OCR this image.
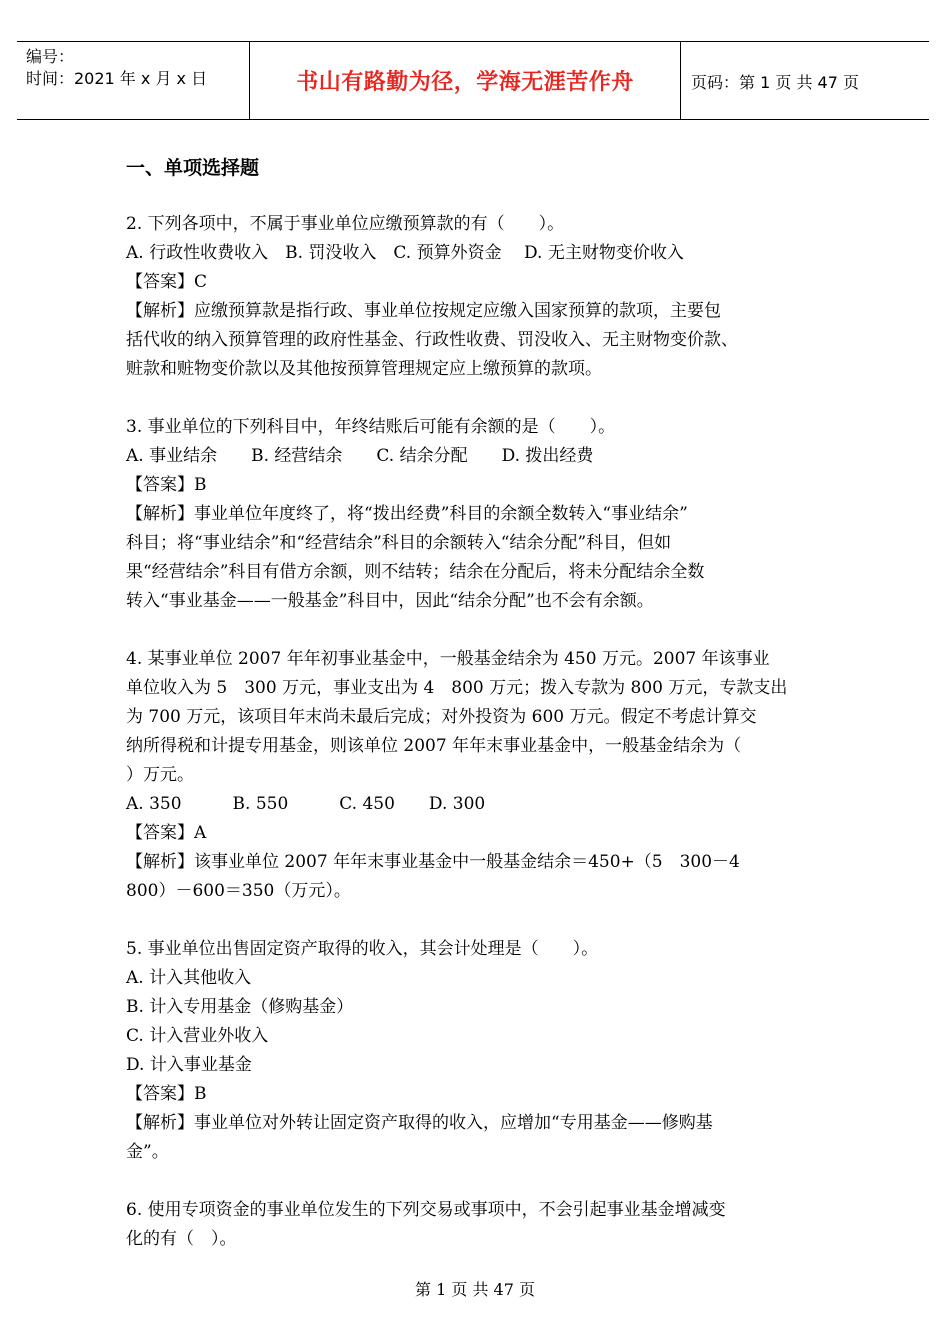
编号：
时间：2021 年 x 月 x 日	书山有路勤为径，学海无涯苦作舟	页码：第 1 页 共 47 页
一、单项选择题

2. 下列各项中，不属于事业单位应缴预算款的有（　　）。

A. 行政性收费收入　B. 罚没收入　C. 预算外资金　 D. 无主财物变价收入

【答案】C

【解析】应缴预算款是指行政、事业单位按规定应缴入国家预算的款项，主要包

括代收的纳入预算管理的政府性基金、行政性收费、罚没收入、无主财物变价款、

赃款和赃物变价款以及其他按预算管理规定应上缴预算的款项。

3. 事业单位的下列科目中，年终结账后可能有余额的是（　　）。

A. 事业结余　　B. 经营结余　　C. 结余分配　　D. 拨出经费

【答案】B

【解析】事业单位年度终了，将“拨出经费”科目的余额全数转入“事业结余”

科目；将“事业结余”和“经营结余”科目的余额转入“结余分配”科目，但如

果“经营结余”科目有借方余额，则不结转；结余在分配后，将未分配结余全数

转入“事业基金——一般基金”科目中，因此“结余分配”也不会有余额。

4. 某事业单位 2007 年年初事业基金中，一般基金结余为 450 万元。2007 年该事业

单位收入为 5　300 万元，事业支出为 4　800 万元；拨入专款为 800 万元，专款支出

为 700 万元，该项目年末尚未最后完成；对外投资为 600 万元。假定不考虑计算交

纳所得税和计提专用基金，则该单位 2007 年年末事业基金中，一般基金结余为（

）万元。

A. 350　　　B. 550　　　C. 450　　D. 300

【答案】A

【解析】该事业单位 2007 年年末事业基金中一般基金结余＝450+（5　300－4

800）－600＝350（万元）。

5. 事业单位出售固定资产取得的收入，其会计处理是（　　）。

A. 计入其他收入

B. 计入专用基金（修购基金）

C. 计入营业外收入

D. 计入事业基金

【答案】B

【解析】事业单位对外转让固定资产取得的收入，应增加“专用基金——修购基

金”。

6. 使用专项资金的事业单位发生的下列交易或事项中，不会引起事业基金增减变

化的有（　）。

第 1 页 共 47 页
